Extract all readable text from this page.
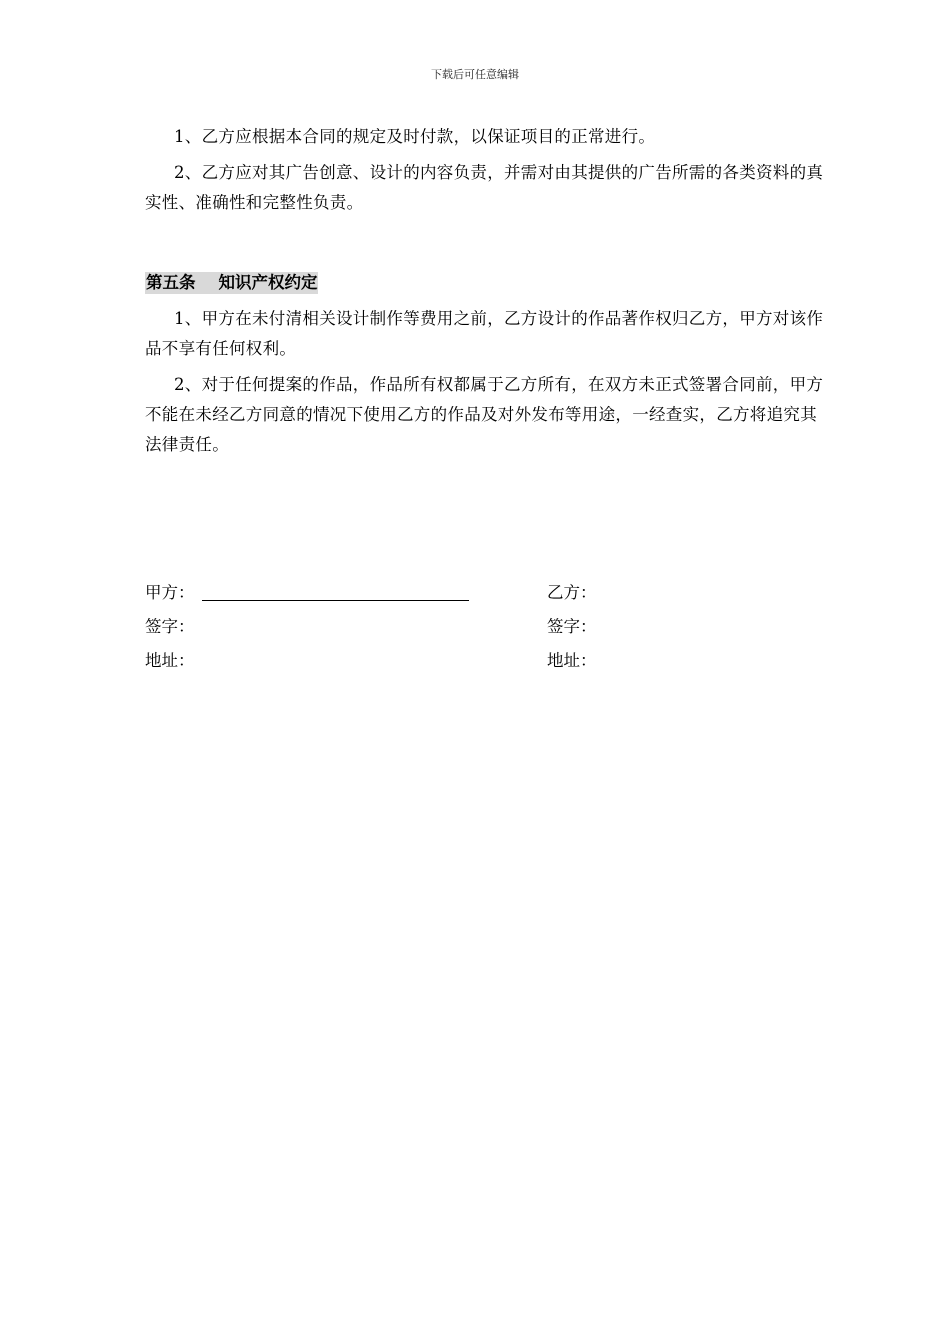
下载后可任意编辑

1、乙方应根据本合同的规定及时付款，以保证项目的正常进行。

2、乙方应对其广告创意、设计的内容负责，并需对由其提供的广告所需的各类资料的真实性、准确性和完整性负责。

第五条    知识产权约定

1、甲方在未付清相关设计制作等费用之前，乙方设计的作品著作权归乙方，甲方对该作品不享有任何权利。

2、对于任何提案的作品，作品所有权都属于乙方所有，在双方未正式签署合同前，甲方不能在未经乙方同意的情况下使用乙方的作品及对外发布等用途，一经查实，乙方将追究其法律责任。

甲方：	乙方：
签字：	签字：
地址：	地址：
